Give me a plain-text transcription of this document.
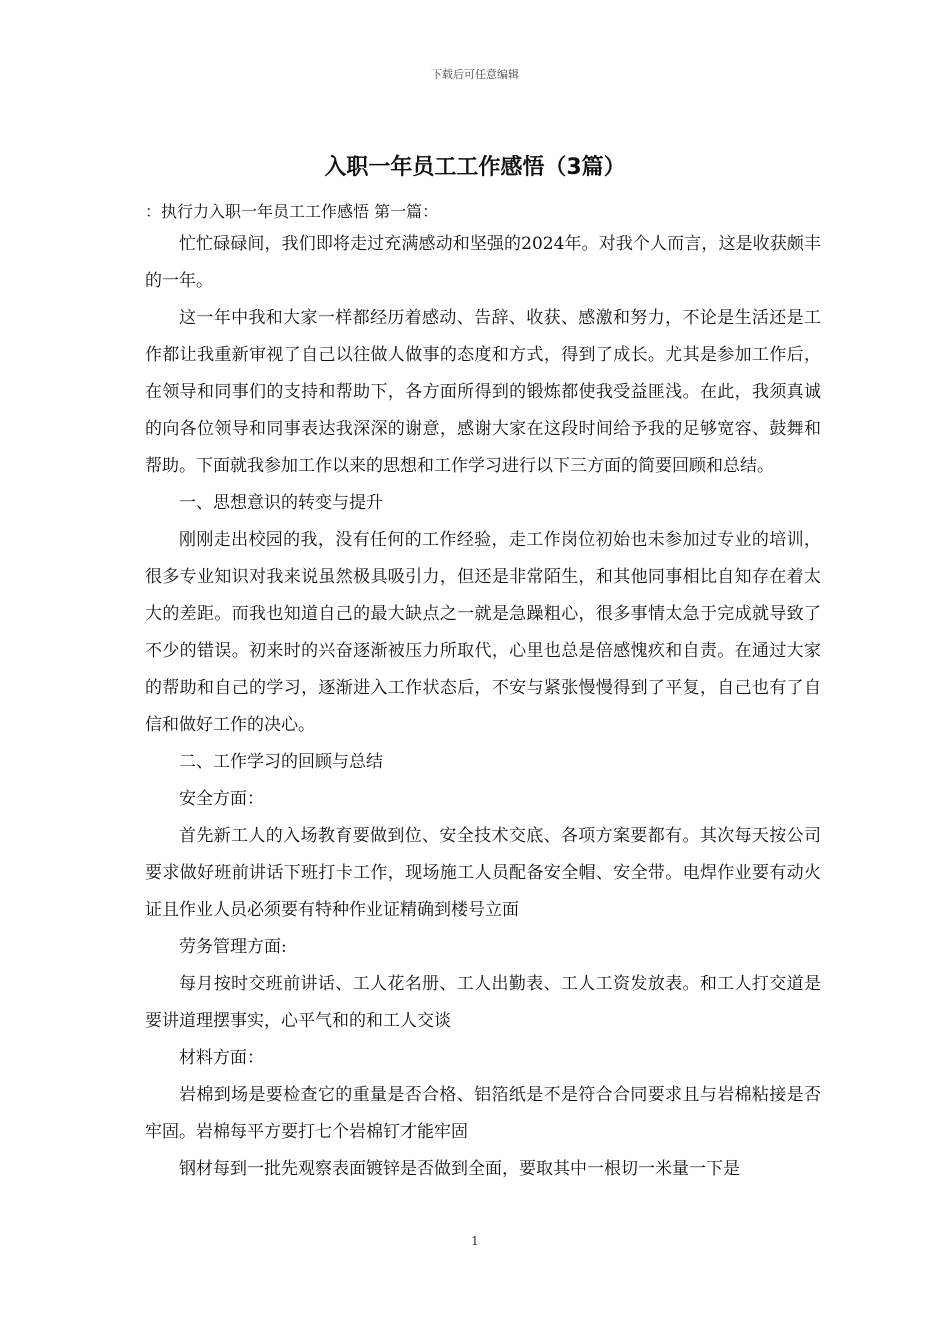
下载后可任意编辑
入职一年员工工作感悟（3篇）

：执行力入职一年员工工作感悟 第一篇：

忙忙碌碌间，我们即将走过充满感动和坚强的2024年。对我个人而言，这是收获颇丰的一年。

这一年中我和大家一样都经历着感动、告辞、收获、感激和努力，不论是生活还是工作都让我重新审视了自己以往做人做事的态度和方式，得到了成长。尤其是参加工作后，在领导和同事们的支持和帮助下，各方面所得到的锻炼都使我受益匪浅。在此，我须真诚的向各位领导和同事表达我深深的谢意，感谢大家在这段时间给予我的足够宽容、鼓舞和帮助。下面就我参加工作以来的思想和工作学习进行以下三方面的简要回顾和总结。

一、思想意识的转变与提升

刚刚走出校园的我，没有任何的工作经验，走工作岗位初始也未参加过专业的培训，很多专业知识对我来说虽然极具吸引力，但还是非常陌生，和其他同事相比自知存在着太大的差距。而我也知道自己的最大缺点之一就是急躁粗心，很多事情太急于完成就导致了不少的错误。初来时的兴奋逐渐被压力所取代，心里也总是倍感愧疚和自责。在通过大家的帮助和自己的学习，逐渐进入工作状态后，不安与紧张慢慢得到了平复，自己也有了自信和做好工作的决心。

二、工作学习的回顾与总结

安全方面：

首先新工人的入场教育要做到位、安全技术交底、各项方案要都有。其次每天按公司要求做好班前讲话下班打卡工作，现场施工人员配备安全帽、安全带。电焊作业要有动火证且作业人员必须要有特种作业证精确到楼号立面

劳务管理方面:

每月按时交班前讲话、工人花名册、工人出勤表、工人工资发放表。和工人打交道是要讲道理摆事实，心平气和的和工人交谈

材料方面：

岩棉到场是要检查它的重量是否合格、铝箔纸是不是符合合同要求且与岩棉粘接是否牢固。岩棉每平方要打七个岩棉钉才能牢固

钢材每到一批先观察表面镀锌是否做到全面，要取其中一根切一米量一下是

1
